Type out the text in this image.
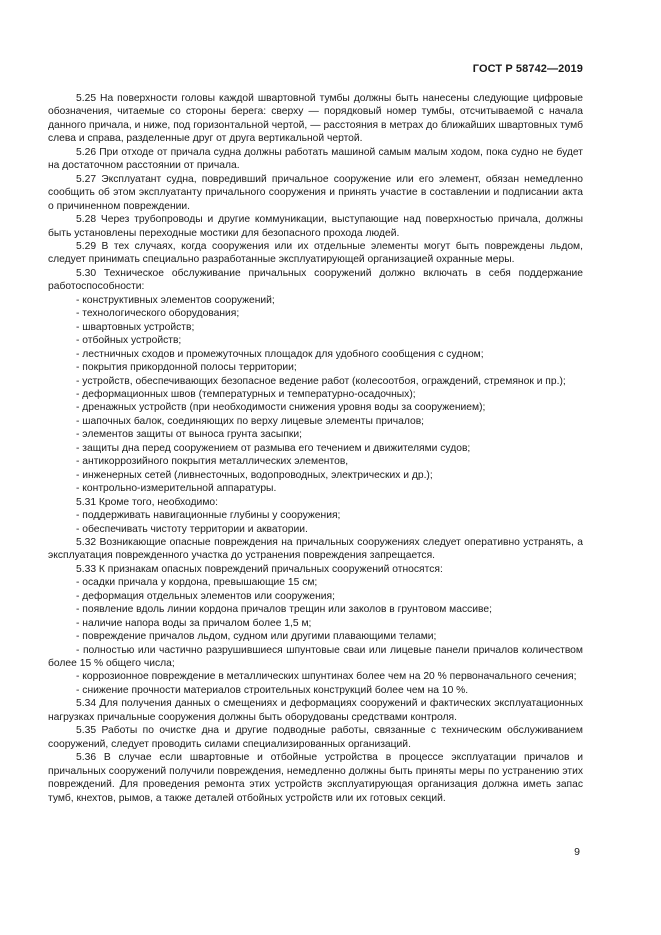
ГОСТ Р 58742—2019

5.25 На поверхности головы каждой швартовной тумбы должны быть нанесены следующие цифровые обозначения, читаемые со стороны берега: сверху — порядковый номер тумбы, отсчитываемой с начала данного причала, и ниже, под горизонтальной чертой, — расстояния в метрах до ближайших швартовных тумб слева и справа, разделенные друг от друга вертикальной чертой.

5.26 При отходе от причала судна должны работать машиной самым малым ходом, пока судно не будет на достаточном расстоянии от причала.

5.27 Эксплуатант судна, повредивший причальное сооружение или его элемент, обязан немедленно сообщить об этом эксплуатанту причального сооружения и принять участие в составлении и подписании акта о причиненном повреждении.

5.28 Через трубопроводы и другие коммуникации, выступающие над поверхностью причала, должны быть установлены переходные мостики для безопасного прохода людей.

5.29 В тех случаях, когда сооружения или их отдельные элементы могут быть повреждены льдом, следует принимать специально разработанные эксплуатирующей организацией охранные меры.

5.30 Техническое обслуживание причальных сооружений должно включать в себя поддержание работоспособности:

- конструктивных элементов сооружений;

- технологического оборудования;

- швартовных устройств;

- отбойных устройств;

- лестничных сходов и промежуточных площадок для удобного сообщения с судном;

- покрытия прикордонной полосы территории;

- устройств, обеспечивающих безопасное ведение работ (колесоотбоя, ограждений, стремянок и пр.);

- деформационных швов (температурных и температурно-осадочных);

- дренажных устройств (при необходимости снижения уровня воды за сооружением);

- шапочных балок, соединяющих по верху лицевые элементы причалов;

- элементов защиты от выноса грунта засыпки;

- защиты дна перед сооружением от размыва его течением и движителями судов;

- антикоррозийного покрытия металлических элементов,

- инженерных сетей (ливнесточных, водопроводных, электрических и др.);

- контрольно-измерительной аппаратуры.

5.31 Кроме того, необходимо:

- поддерживать навигационные глубины у сооружения;

- обеспечивать чистоту территории и акватории.

5.32 Возникающие опасные повреждения на причальных сооружениях следует оперативно устранять, а эксплуатация поврежденного участка до устранения повреждения запрещается.

5.33 К признакам опасных повреждений причальных сооружений относятся:

- осадки причала у кордона, превышающие 15 см;

- деформация отдельных элементов или сооружения;

- появление вдоль линии кордона причалов трещин или заколов в грунтовом массиве;

- наличие напора воды за причалом более 1,5 м;

- повреждение причалов льдом, судном или другими плавающими телами;

- полностью или частично разрушившиеся шпунтовые сваи или лицевые панели причалов количеством более 15 % общего числа;

- коррозионное повреждение в металлических шпунтинах более чем на 20 % первоначального сечения;

- снижение прочности материалов строительных конструкций более чем на 10 %.

5.34 Для получения данных о смещениях и деформациях сооружений и фактических эксплуатационных нагрузках причальные сооружения должны быть оборудованы средствами контроля.

5.35 Работы по очистке дна и другие подводные работы, связанные с техническим обслуживанием сооружений, следует проводить силами специализированных организаций.

5.36 В случае если швартовные и отбойные устройства в процессе эксплуатации причалов и причальных сооружений получили повреждения, немедленно должны быть приняты меры по устранению этих повреждений. Для проведения ремонта этих устройств эксплуатирующая организация должна иметь запас тумб, кнехтов, рымов, а также деталей отбойных устройств или их готовых секций.

9
